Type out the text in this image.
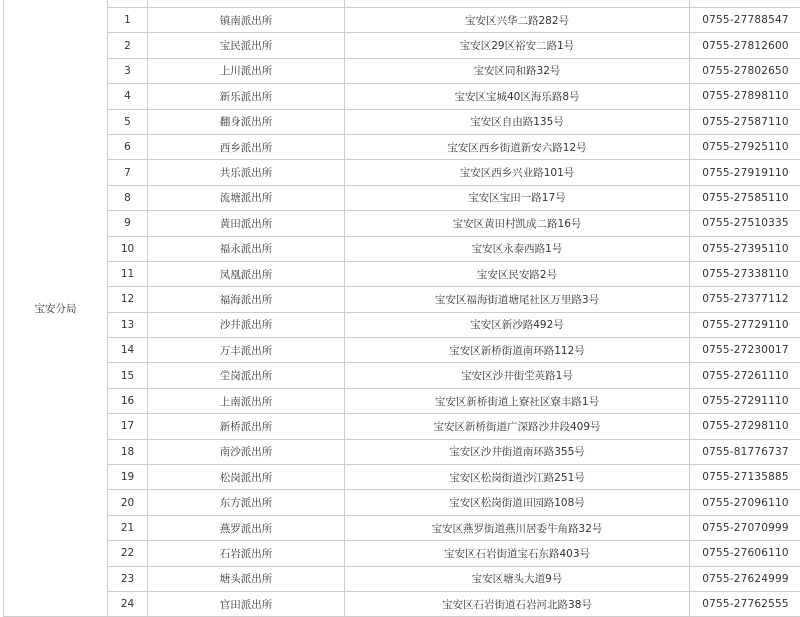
宝安分局				
	1	镇南派出所	宝安区兴华二路282号	0755-27788547
	2	宝民派出所	宝安区29区裕安二路1号	0755-27812600
	3	上川派出所	宝安区同和路32号	0755-27802650
	4	新乐派出所	宝安区宝城40区海乐路8号	0755-27898110
	5	翻身派出所	宝安区自由路135号	0755-27587110
	6	西乡派出所	宝安区西乡街道新安六路12号	0755-27925110
	7	共乐派出所	宝安区西乡兴业路101号	0755-27919110
	8	流塘派出所	宝安区宝田一路17号	0755-27585110
	9	黄田派出所	宝安区黄田村凯成二路16号	0755-27510335
	10	福永派出所	宝安区永泰西路1号	0755-27395110
	11	凤凰派出所	宝安区民安路2号	0755-27338110
	12	福海派出所	宝安区福海街道塘尾社区万里路3号	0755-27377112
	13	沙井派出所	宝安区新沙路492号	0755-27729110
	14	万丰派出所	宝安区新桥街道南环路112号	0755-27230017
	15	坣岗派出所	宝安区沙井街坣英路1号	0755-27261110
	16	上南派出所	宝安区新桥街道上寮社区寮丰路1号	0755-27291110
	17	新桥派出所	宝安区新桥街道广深路沙井段409号	0755-27298110
	18	南沙派出所	宝安区沙井街道南环路355号	0755-81776737
	19	松岗派出所	宝安区松岗街道沙江路251号	0755-27135885
	20	东方派出所	宝安区松岗街道田园路108号	0755-27096110
	21	燕罗派出所	宝安区燕罗街道燕川居委牛角路32号	0755-27070999
	22	石岩派出所	宝安区石岩街道宝石东路403号	0755-27606110
	23	塘头派出所	宝安区塘头大道9号	0755-27624999
	24	官田派出所	宝安区石岩街道石岩河北路38号	0755-27762555
